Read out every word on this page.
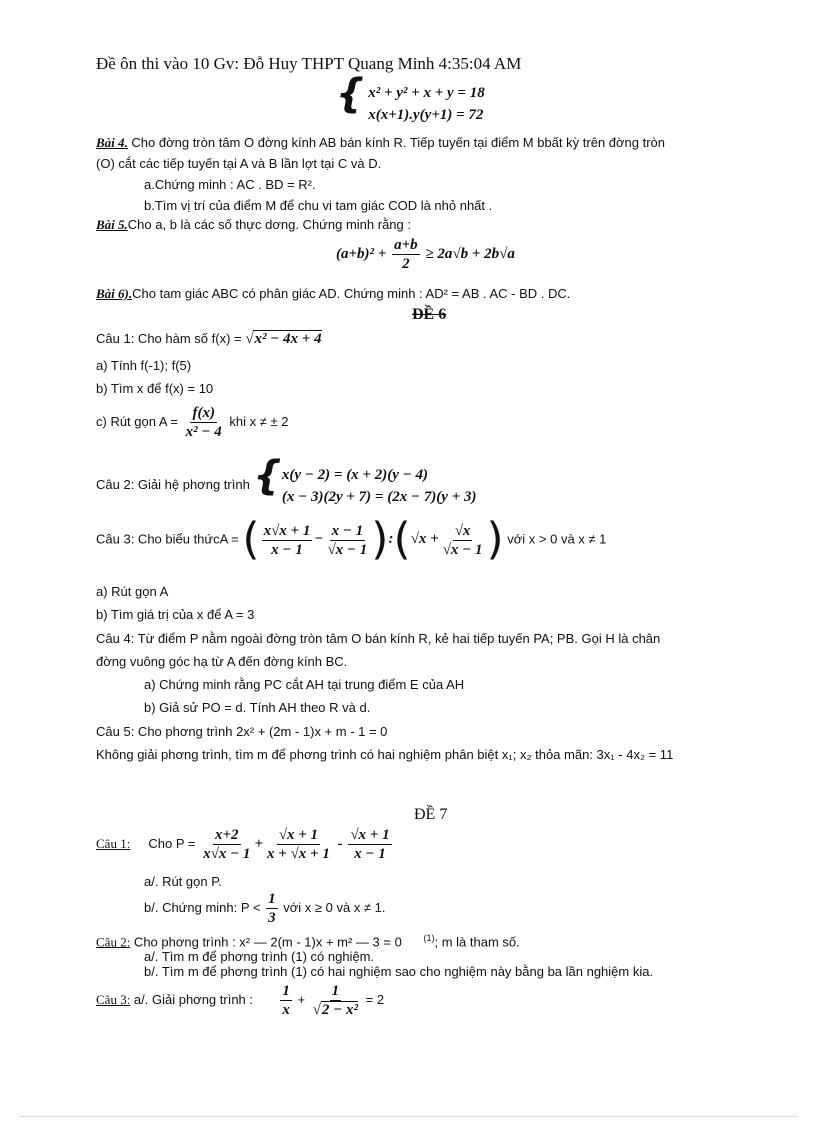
Đề ôn thi vào 10 Gv: Đỗ Huy THPT Quang Minh 4:35:04 AM
{ x² + y² + x + y = 18
x(x+1).y(y+1) = 72
Bài 4. Cho đờng tròn tâm O đờng kính AB bán kính R. Tiếp tuyến tại điểm M bbất kỳ trên đờng tròn
(O) cắt các tiếp tuyến tại A và B lần lợt tại C và D.
a.Chứng minh : AC . BD = R².
b.Tìm vị trí của điểm M để chu vi tam giác COD là nhỏ nhất .
Bài 5.Cho a, b là các số thực dơng. Chứng minh rằng :
$(a+b)^2 + \frac{a+b}{2} \ge 2a√b + 2b√a$
Bài 6).Cho tam giác ABC có phân giác AD. Chứng minh : AD² = AB . AC - BD . DC.
ĐỀ 6
Câu 1: Cho hàm số f(x) = √x² − 4x + 4
a) Tính f(-1); f(5)
b) Tìm x để f(x) = 10
c) Rút gọn $A = \frac{f(x)}{\text{x² − 4}}$ khi x ≠ ± 2
Câu 2: Giải hệ phơng trình { x(y − 2) = (x + 2)(y − 4)
(x − 3)(2y + 7) = (2x − 7)(y + 3)
Câu 3: Cho biểu thứcA = ( $\frac{x√x + 1}{x - 1} - \frac{x - 1}{√x - 1}$ ):(√x + $\frac{√x}{√x - 1}$ ) với x > 0 và x ≠ 1
a) Rút gọn A
b) Tìm giá trị của x để A = 3
Câu 4: Từ điểm P nằm ngoài đờng tròn tâm O bán kính R, kẻ hai tiếp tuyến PA; PB. Gọi H là chân
đờng vuông góc hạ từ A đến đờng kính BC.
a) Chứng minh rằng PC cắt AH tại trung điểm E của AH
b) Giả sử PO = d. Tính AH theo R và d.
Câu 5: Cho phơng trình 2x² + (2m - 1)x + m - 1 = 0
Không giải phơng trình, tìm m để phơng trình có hai nghiệm phân biệt x₁; x₂ thỏa mãn: 3x₁ - 4x₂ = 11
ĐỀ 7
Câu 1: Cho $P = \frac{x+2}{x√x - 1} + \frac{√x + 1}{x + √x + 1} - \frac{√x + 1}{x - 1}$
a/. Rút gọn P.
b/. Chứng minh: $P < \frac{1}{3}$ với x ≥ 0 và x ≠ 1.
Câu 2: Cho phơng trình : x² — 2(m - 1)x + m² — 3 = 0 $^{(1)}$; m là tham số.
a/. Tìm m để phơng trình (1) có nghiệm.
b/. Tìm m để phơng trình (1) có hai nghiệm sao cho nghiệm này bằng ba lần nghiệm kia.
Câu 3: a/. Giải phơng trình : $\frac{1}{x} + \frac{1}{\text{√2 − x²}} = 2$
